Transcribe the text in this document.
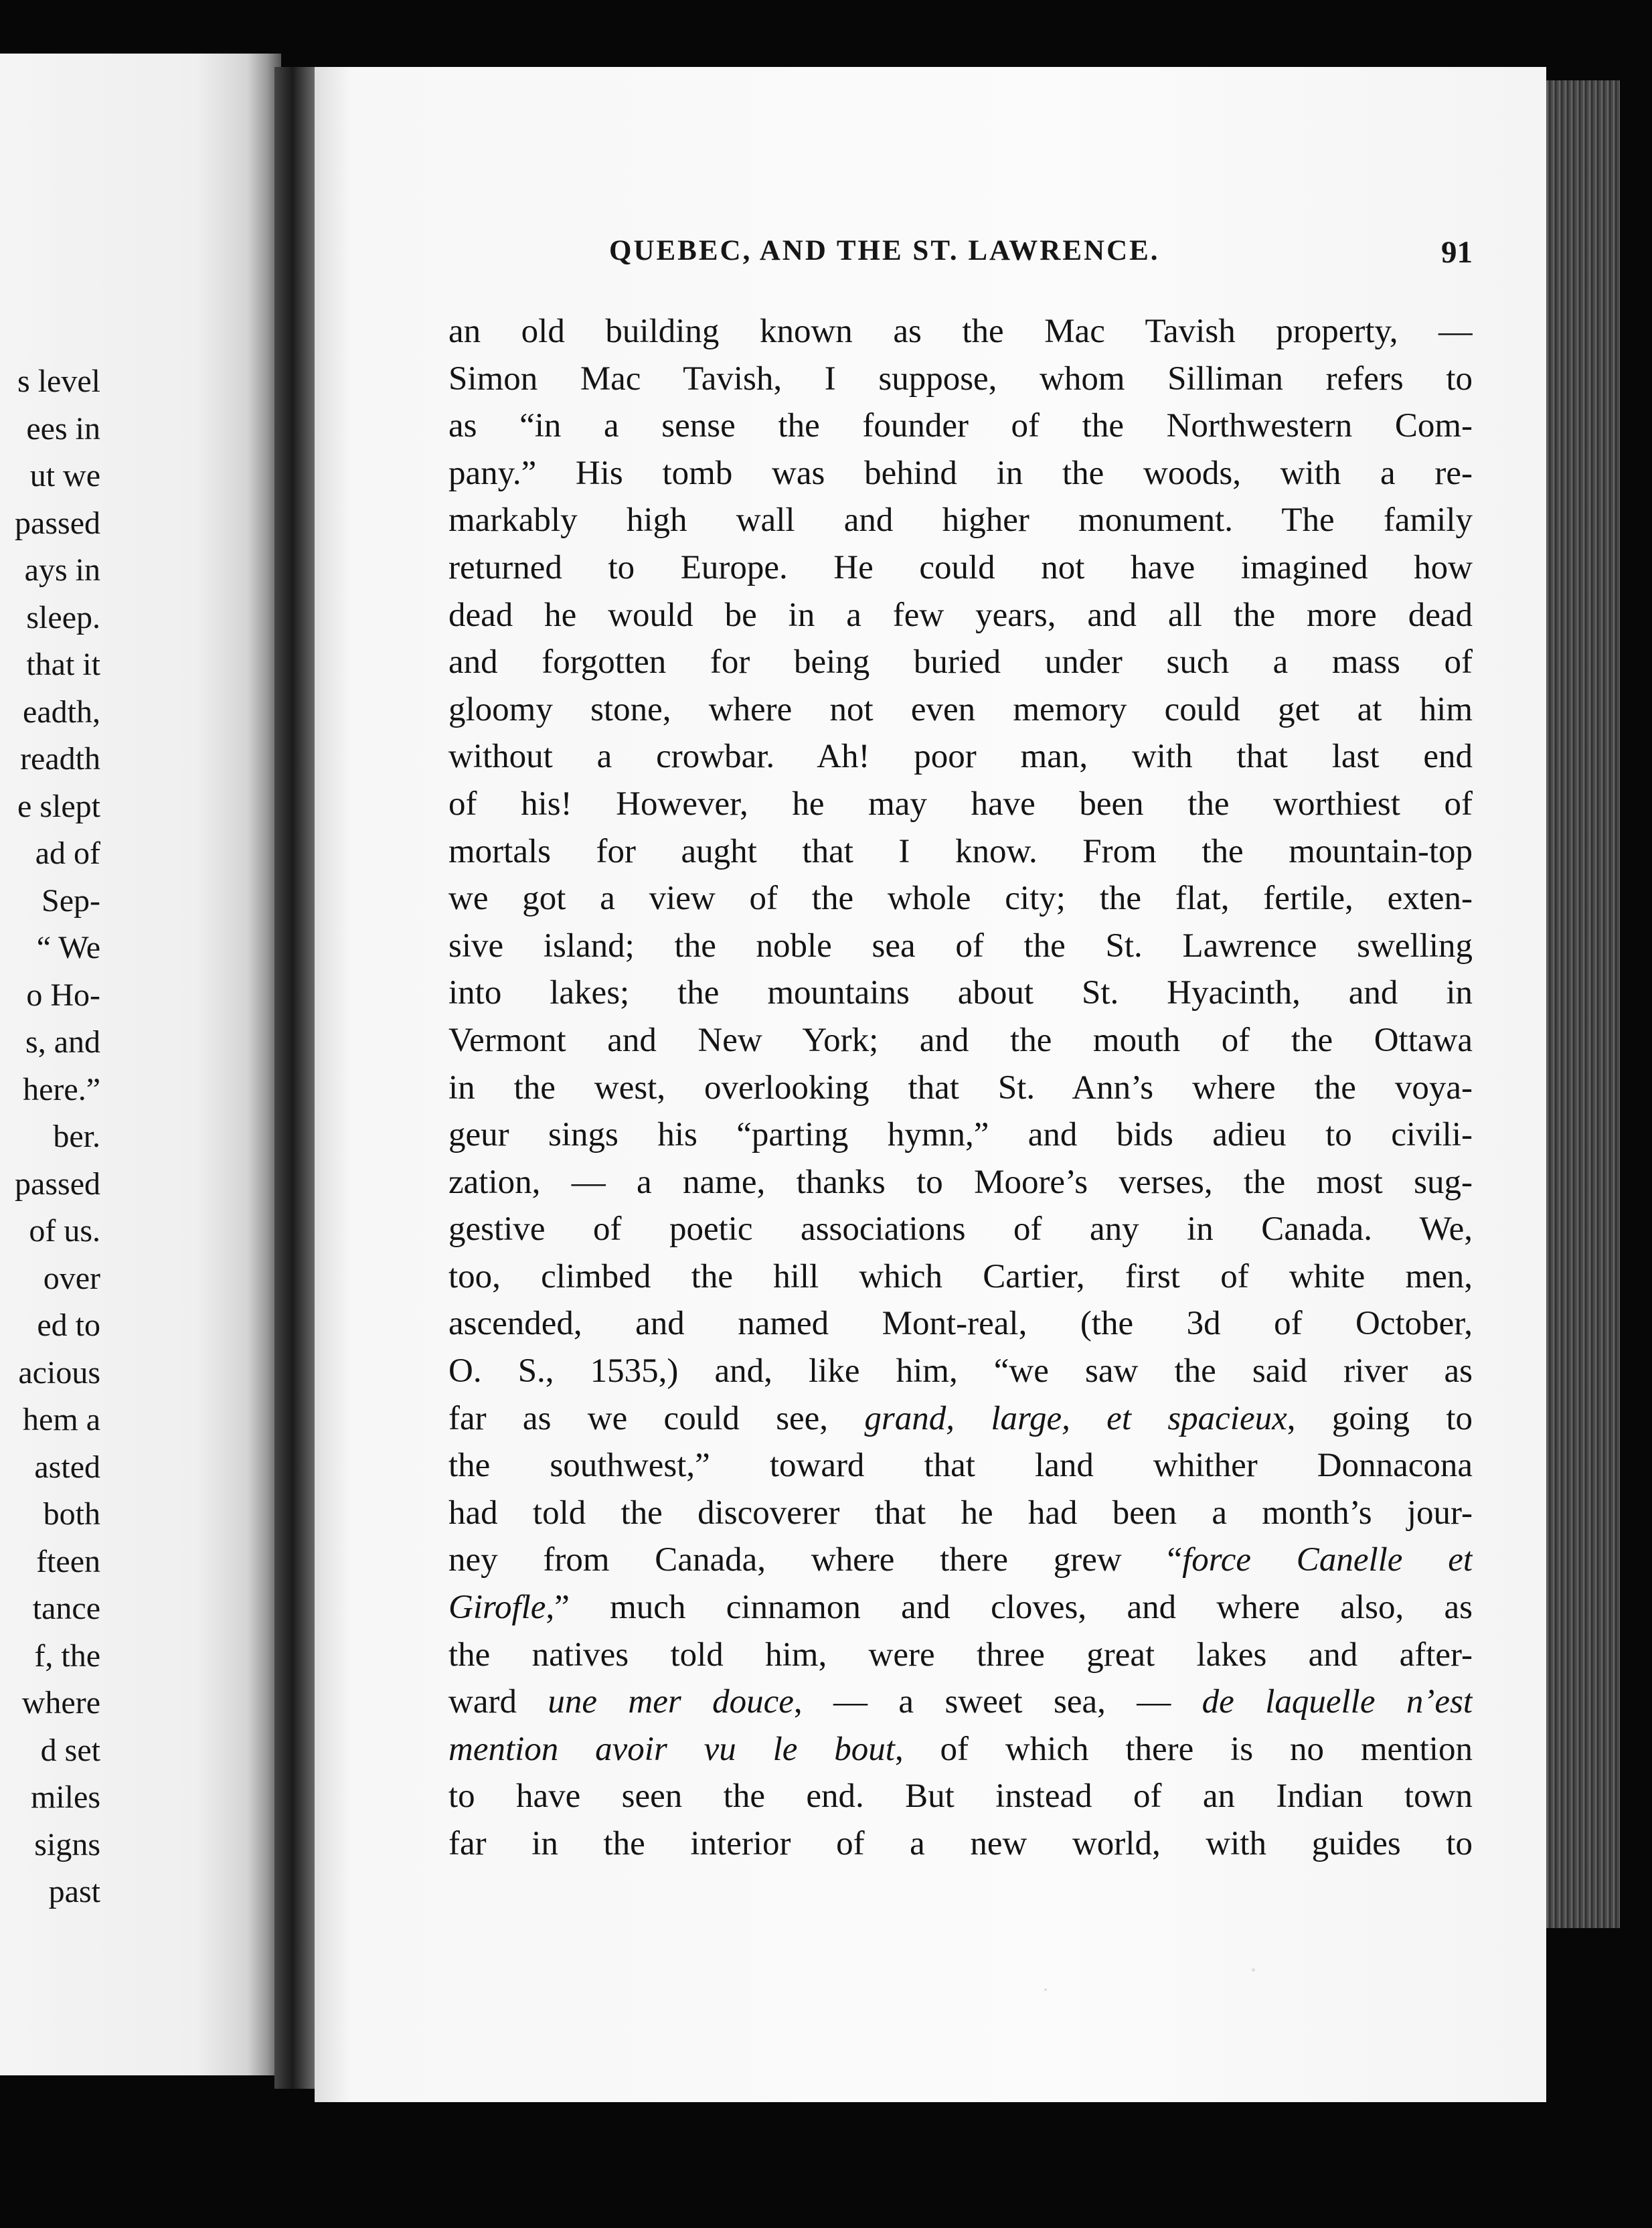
s level
ees in
ut we
passed
ays in
sleep.
that it
eadth,
readth
e slept
ad of
Sep-
“ We
o Ho-
s, and
here.”
ber.
passed
of us.
over
ed to
acious
hem a
asted
both
fteen
tance
f, the
where
d set
miles
signs
past
QUEBEC, AND THE ST. LAWRENCE.	91
an old building known as the Mac Tavish property, —
Simon Mac Tavish, I suppose, whom Silliman refers to
as “in a sense the founder of the Northwestern Com-
pany.” His tomb was behind in the woods, with a re-
markably high wall and higher monument. The family
returned to Europe. He could not have imagined how
dead he would be in a few years, and all the more dead
and forgotten for being buried under such a mass of
gloomy stone, where not even memory could get at him
without a crowbar. Ah! poor man, with that last end
of his! However, he may have been the worthiest of
mortals for aught that I know. From the mountain-top
we got a view of the whole city; the flat, fertile, exten-
sive island; the noble sea of the St. Lawrence swelling
into lakes; the mountains about St. Hyacinth, and in
Vermont and New York; and the mouth of the Ottawa
in the west, overlooking that St. Ann’s where the voya-
geur sings his “parting hymn,” and bids adieu to civili-
zation, — a name, thanks to Moore’s verses, the most sug-
gestive of poetic associations of any in Canada. We,
too, climbed the hill which Cartier, first of white men,
ascended, and named Mont-real, (the 3d of October,
O. S., 1535,) and, like him, “we saw the said river as
far as we could see, grand, large, et spacieux, going to
the southwest,” toward that land whither Donnacona
had told the discoverer that he had been a month’s jour-
ney from Canada, where there grew “force Canelle et
Girofle,” much cinnamon and cloves, and where also, as
the natives told him, were three great lakes and after-
ward une mer douce, — a sweet sea, — de laquelle n’est
mention avoir vu le bout, of which there is no mention
to have seen the end. But instead of an Indian town
far in the interior of a new world, with guides to
